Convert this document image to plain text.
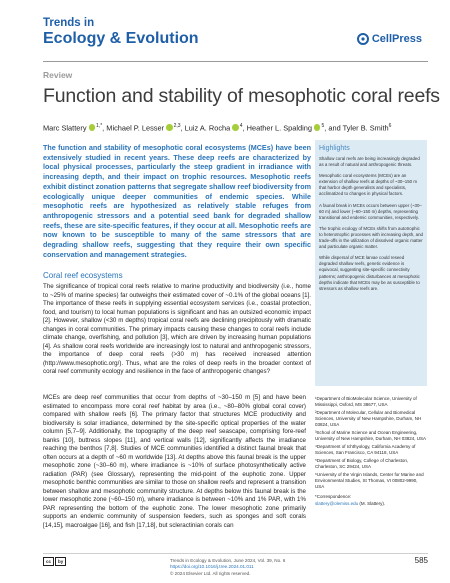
Trends in
Ecology & Evolution	CellPress
Review
Function and stability of mesophotic coral reefs
Marc Slattery $^{1,*}$, Michael P. Lesser $^{2,3}$, Luiz A. Rocha $^4$, Heather L. Spalding $^5$, and Tyler B. Smith$^6$
The function and stability of mesophotic coral ecosystems (MCEs) have been extensively studied in recent years. These deep reefs are characterized by local physical processes, particularly the steep gradient in irradiance with increasing depth, and their impact on trophic resources. Mesophotic reefs exhibit distinct zonation patterns that segregate shallow reef biodiversity from ecologically unique deeper communities of endemic species. While mesophotic reefs are hypothesized as relatively stable refuges from anthropogenic stressors and a potential seed bank for degraded shallow reefs, these are site-specific features, if they occur at all. Mesophotic reefs are now known to be susceptible to many of the same stressors that are degrading shallow reefs, suggesting that they require their own specific conservation and management strategies.
Highlights

Shallow coral reefs are being increasingly degraded as a result of natural and anthropogenic threats.

Mesophotic coral ecosystems (MCEs) are an extension of shallow reefs at depths of ~30–150 m that harbor depth generalists and specialists, acclimatized to changes in physical factors.

A faunal break in MCEs occurs between upper (~30–60 m) and lower (~60–150 m) depths, representing transitional and endemic communities, respectively.

The trophic ecology of MCEs shifts from autotrophic to heterotrophic processes with increasing depth, and trade-offs in the utilization of dissolved organic matter and particulate organic matter.

While dispersal of MCE larvae could reseed degraded shallow reefs, genetic evidence is equivocal, suggesting site-specific connectivity patterns; anthropogenic disturbances at mesophotic depths indicate that MCEs may be as susceptible to stressors as shallow reefs are.

Coral reef ecosystems
The significance of tropical coral reefs relative to marine productivity and biodiversity (i.e., home to ~25% of marine species) far outweighs their estimated cover of ~0.1% of the global oceans [1]. The importance of these reefs in supplying essential ecosystem services (i.e., coastal protection, food, and tourism) to local human populations is significant and has an outsized economic impact [2]. However, shallow (<30 m depths) tropical coral reefs are declining precipitously with dramatic changes in coral communities. The primary impacts causing these changes to coral reefs include climate change, overfishing, and pollution [3], which are driven by increasing human populations [4]. As shallow coral reefs worldwide are increasingly lost to natural and anthropogenic stressors, the importance of deep coral reefs (>30 m) has received increased attention (http://www.mesophotic.org/). Thus, what are the roles of deep reefs in the broader context of coral reef community ecology and resilience in the face of anthropogenic changes?
MCEs are deep reef communities that occur from depths of ~30–150 m [5] and have been estimated to encompass more coral reef habitat by area (i.e., ~80–80% global coral cover) compared with shallow reefs [6]. The primary factor that structures MCE productivity and biodiversity is solar irradiance, determined by the site-specific optical properties of the water column [5,7–9]. Additionally, the topography of the deep reef seascape, comprising fore-reef banks [10], buttress slopes [11], and vertical walls [12], significantly affects the irradiance reaching the benthos [7,8]. Studies of MCE communities identified a distinct faunal break that often occurs at a depth of ~60 m worldwide [13]. At depths above this faunal break is the upper mesophotic zone (~30–60 m), where irradiance is ~10% of surface photosynthetically active radiation (PAR) (see Glossary), representing the mid-point of the euphotic zone. Upper mesophotic benthic communities are similar to those on shallow reefs and represent a transition between shallow and mesophotic community structure. At depths below this faunal break is the lower mesophotic zone (~60–150 m), where irradiance is between ~10% and 1% PAR, with 1% PAR representing the bottom of the euphotic zone. The lower mesophotic zone primarily supports an endemic community of suspension feeders, such as sponges and soft corals [14,15], macroalgae [16], and fish [17,18], but scleractinian corals can

¹Department of BioMolecular Science, University of Mississippi, Oxford, MS 38677, USA

²Department of Molecular, Cellular and Biomedical Sciences, University of New Hampshire, Durham, NH 03824, USA

³School of Marine Science and Ocean Engineering, University of New Hampshire, Durham, NH 03824, USA

⁴Department of Ichthyology, California Academy of Sciences, San Francisco, CA 94118, USA

⁵Department of Biology, College of Charleston, Charleston, SC 29424, USA

⁶University of the Virgin Islands, Center for Marine and Environmental Studies, St Thomas, VI 00802-9990, USA

*Correspondence:
slattery@olemiss.edu (M. Slattery).
cc	by	Trends in Ecology & Evolution, June 2024, Vol. 39, No. 6
https://doi.org/10.1016/j.tree.2024.01.011
© 2024 Elsevier Ltd. All rights reserved.
585
